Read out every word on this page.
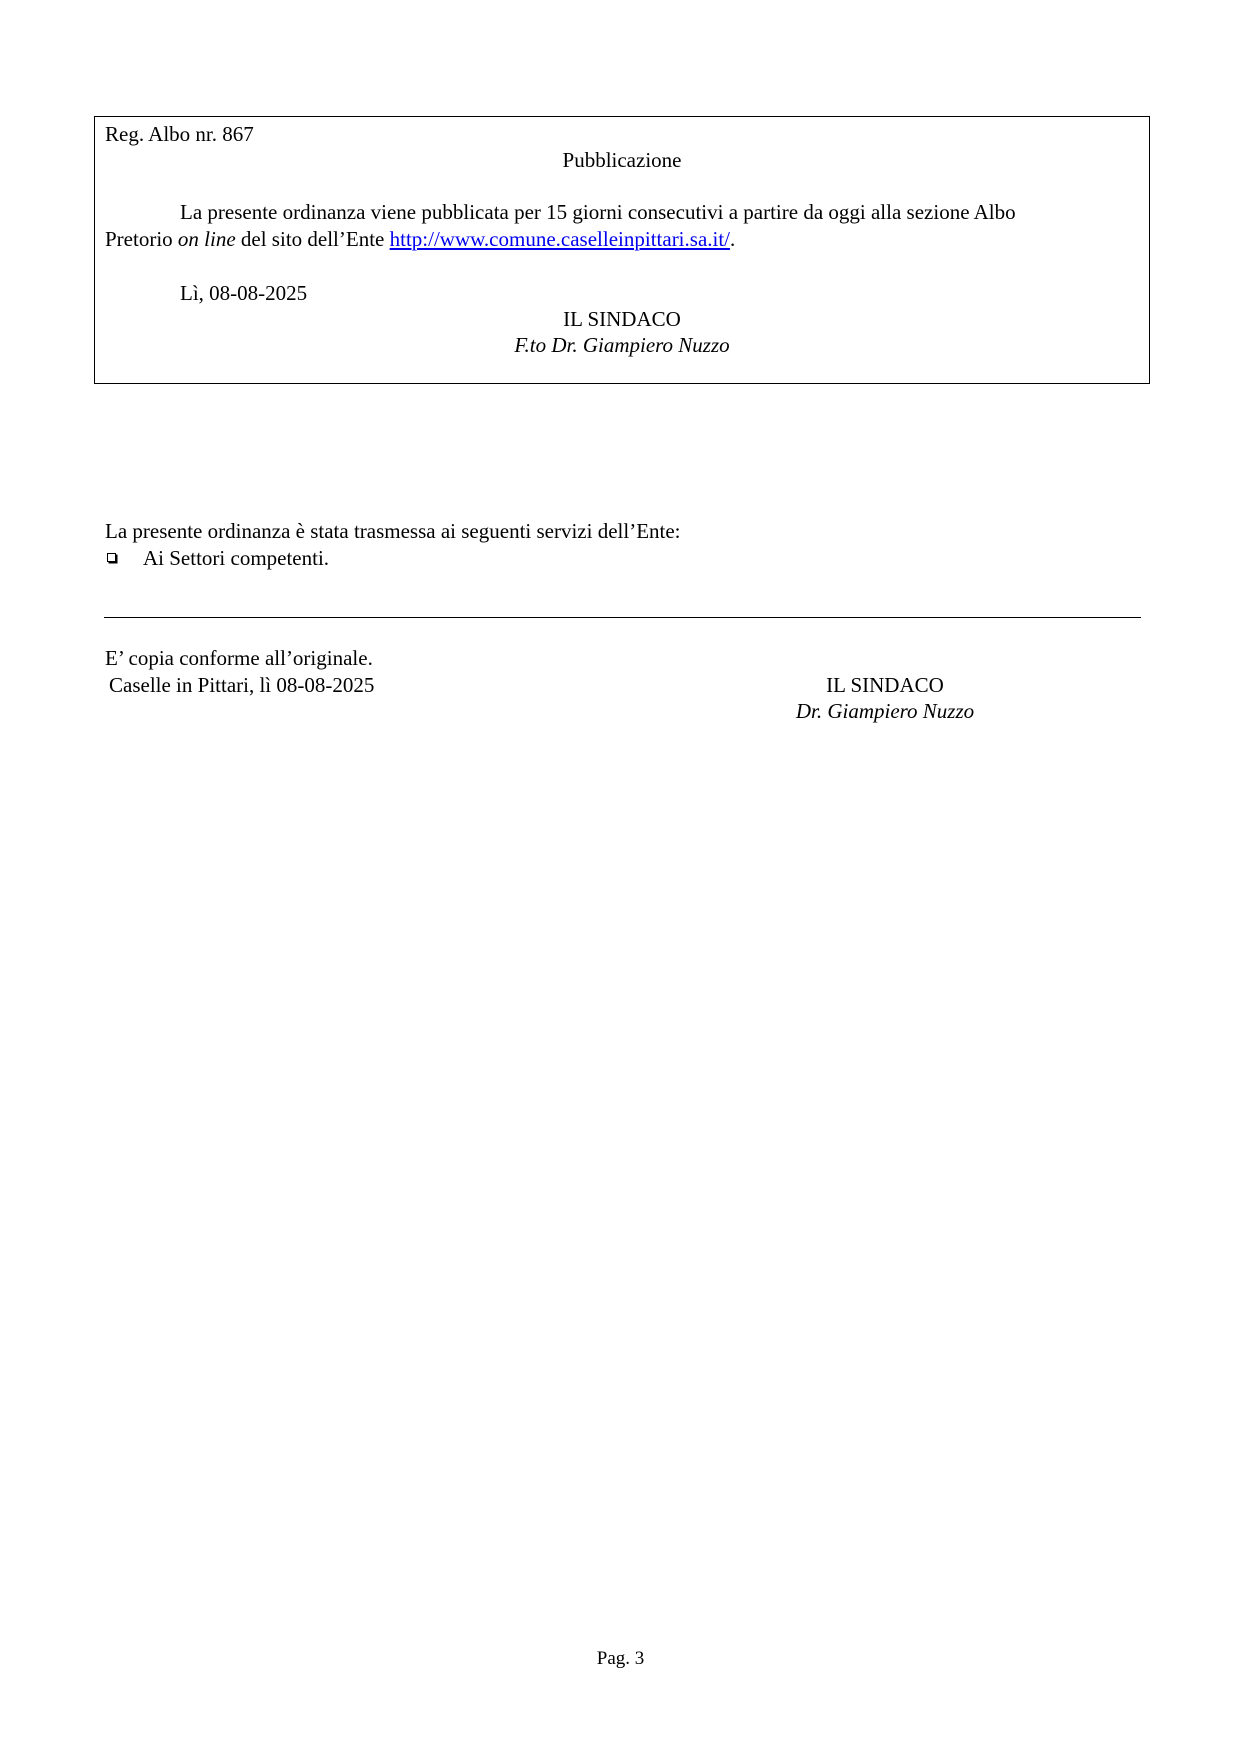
Reg. Albo nr. 867
Pubblicazione
La presente ordinanza viene pubblicata per 15 giorni consecutivi a partire da oggi alla sezione Albo
Pretorio on line del sito dell’Ente http://www.comune.caselleinpittari.sa.it/.
Lì, 08-08-2025
IL SINDACO
F.to Dr. Giampiero Nuzzo
La presente ordinanza è stata trasmessa ai seguenti servizi dell’Ente:
Ai Settori competenti.
E’ copia conforme all’originale.
Caselle in Pittari, lì 08-08-2025	IL SINDACO
Dr. Giampiero Nuzzo
Pag. 3
